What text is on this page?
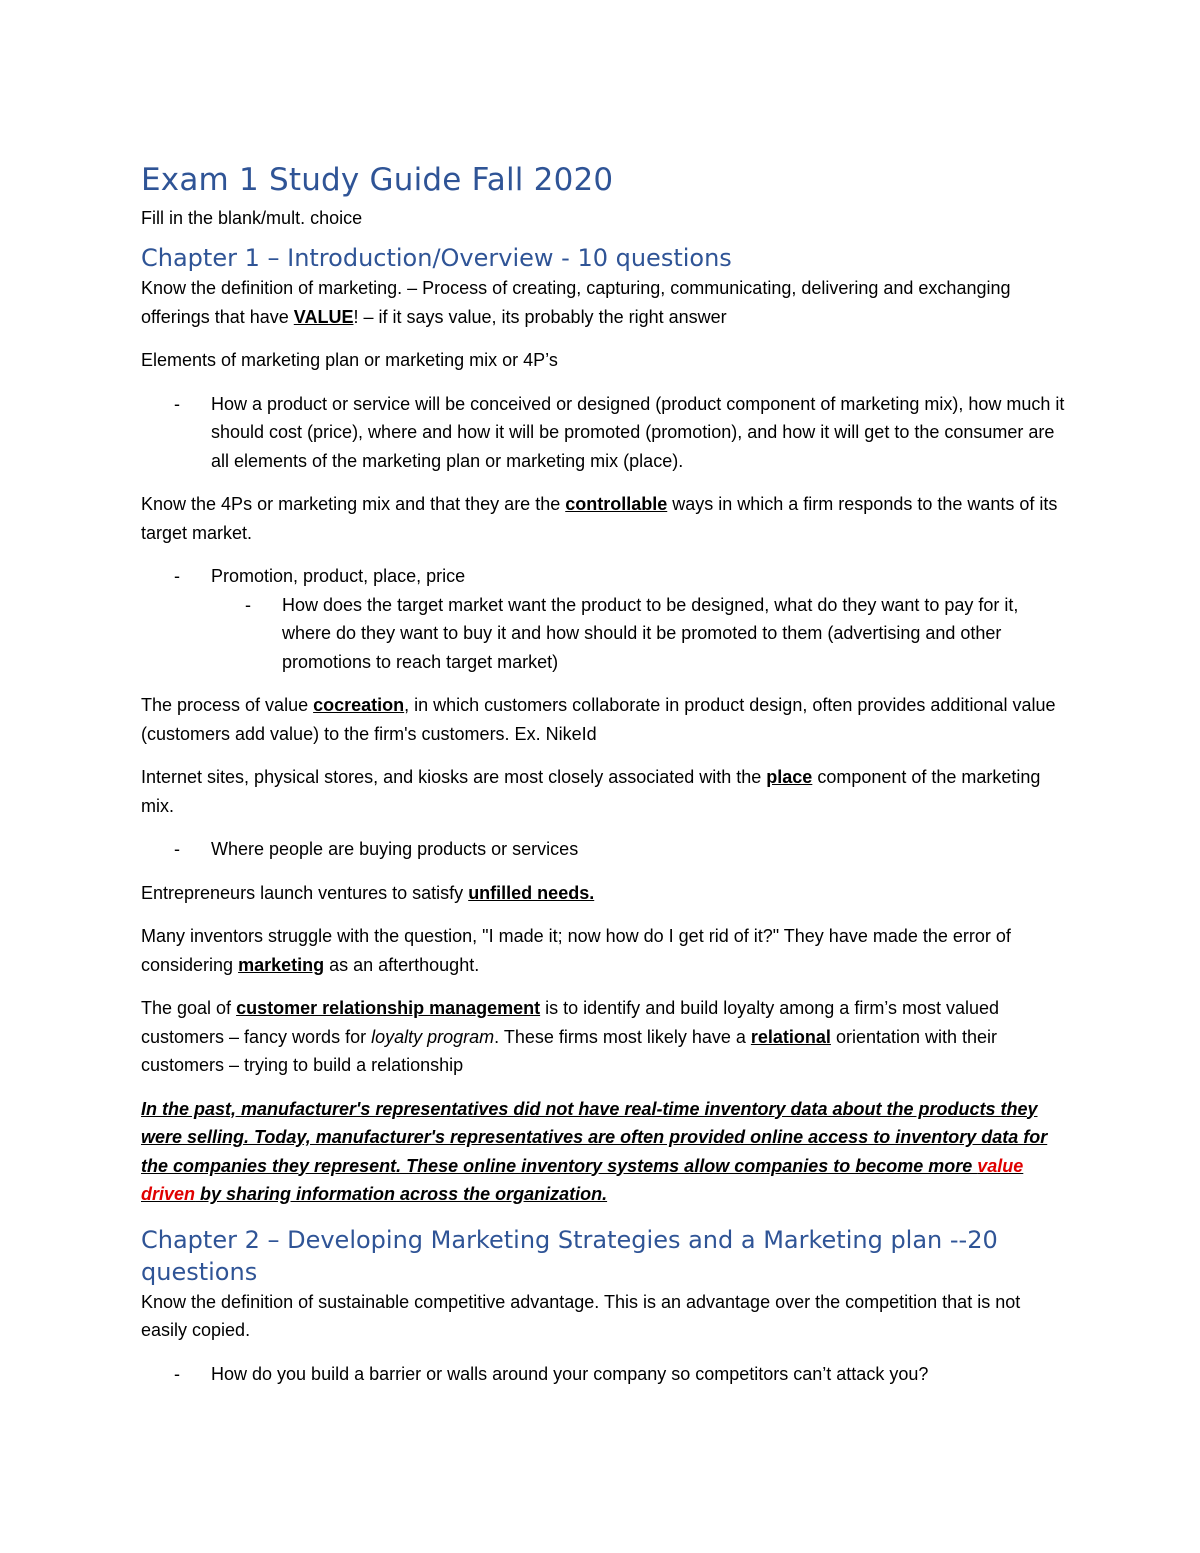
Exam 1 Study Guide Fall 2020
Fill in the blank/mult. choice
Chapter 1 – Introduction/Overview - 10 questions

Know the definition of marketing. – Process of creating, capturing, communicating, delivering and exchanging offerings that have VALUE! – if it says value, its probably the right answer

Elements of marketing plan or marketing mix or 4P’s

- How a product or service will be conceived or designed (product component of marketing mix), how much it should cost (price), where and how it will be promoted (promotion), and how it will get to the consumer are all elements of the marketing plan or marketing mix (place).

Know the 4Ps or marketing mix and that they are the controllable ways in which a firm responds to the wants of its target market.

- Promotion, product, place, price
- How does the target market want the product to be designed, what do they want to pay for it, where do they want to buy it and how should it be promoted to them (advertising and other promotions to reach target market)

The process of value cocreation, in which customers collaborate in product design, often provides additional value (customers add value) to the firm's customers. Ex. NikeId

Internet sites, physical stores, and kiosks are most closely associated with the place component of the marketing mix.

- Where people are buying products or services

Entrepreneurs launch ventures to satisfy unfilled needs.

Many inventors struggle with the question, "I made it; now how do I get rid of it?" They have made the error of considering marketing as an afterthought.

The goal of customer relationship management is to identify and build loyalty among a firm’s most valued customers – fancy words for loyalty program. These firms most likely have a relational orientation with their customers – trying to build a relationship

In the past, manufacturer's representatives did not have real-time inventory data about the products they were selling. Today, manufacturer's representatives are often provided online access to inventory data for the companies they represent. These online inventory systems allow companies to become more value driven by sharing information across the organization.

Chapter 2 – Developing Marketing Strategies and a Marketing plan --20 questions

Know the definition of sustainable competitive advantage. This is an advantage over the competition that is not easily copied.

- How do you build a barrier or walls around your company so competitors can’t attack you?
